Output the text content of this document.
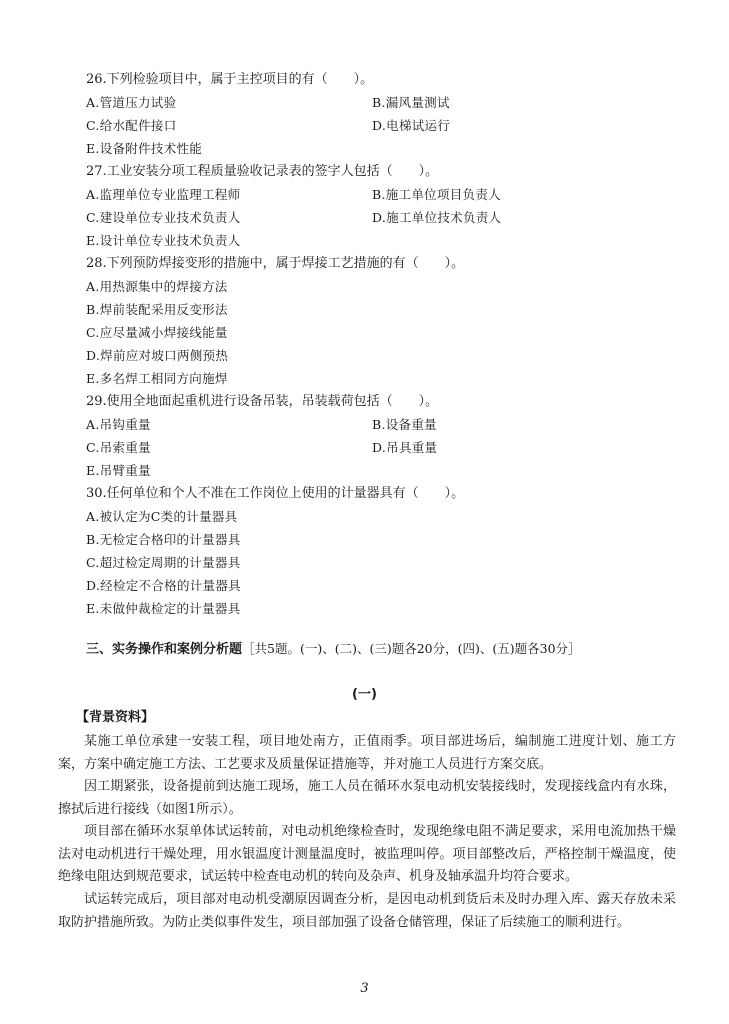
26.下列检验项目中，属于主控项目的有（　　）。
A.管道压力试验	B.漏风量测试
C.给水配件接口	D.电梯试运行
E.设备附件技术性能
27.工业安装分项工程质量验收记录表的签字人包括（　　）。
A.监理单位专业监理工程师	B.施工单位项目负责人
C.建设单位专业技术负责人	D.施工单位技术负责人
E.设计单位专业技术负责人
28.下列预防焊接变形的措施中，属于焊接工艺措施的有（　　）。
A.用热源集中的焊接方法
B.焊前装配采用反变形法
C.应尽量减小焊接线能量
D.焊前应对坡口两侧预热
E.多名焊工相同方向施焊
29.使用全地面起重机进行设备吊装，吊装载荷包括（　　）。
A.吊钩重量	B.设备重量
C.吊索重量	D.吊具重量
E.吊臂重量
30.任何单位和个人不准在工作岗位上使用的计量器具有（　　）。
A.被认定为C类的计量器具
B.无检定合格印的计量器具
C.超过检定周期的计量器具
D.经检定不合格的计量器具
E.未做仲裁检定的计量器具
三、实务操作和案例分析题［共5题。(一)、(二)、(三)题各20分，(四)、(五)题各30分］
(一)
【背景资料】
某施工单位承建一安装工程，项目地处南方，正值雨季。项目部进场后，编制施工进度计划、施工方案，方案中确定施工方法、工艺要求及质量保证措施等，并对施工人员进行方案交底。
因工期紧张，设备提前到达施工现场，施工人员在循环水泵电动机安装接线时，发现接线盒内有水珠，擦拭后进行接线（如图1所示）。
项目部在循环水泵单体试运转前，对电动机绝缘检查时，发现绝缘电阻不满足要求，采用电流加热干燥法对电动机进行干燥处理，用水银温度计测量温度时，被监理叫停。项目部整改后，严格控制干燥温度，使绝缘电阻达到规范要求，试运转中检查电动机的转向及杂声、机身及轴承温升均符合要求。
试运转完成后，项目部对电动机受潮原因调查分析，是因电动机到货后未及时办理入库、露天存放未采取防护措施所致。为防止类似事件发生，项目部加强了设备仓储管理，保证了后续施工的顺利进行。
3
